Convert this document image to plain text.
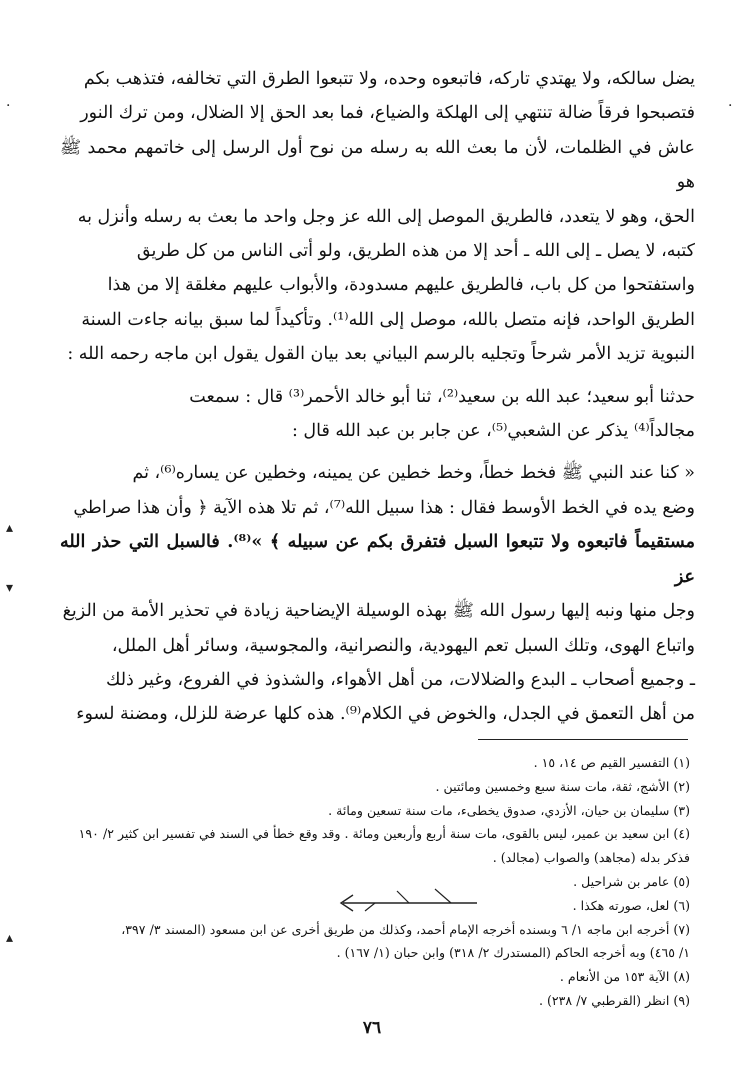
يضل سالكه، ولا يهتدي تاركه، فاتبعوه وحده، ولا تتبعوا الطرق التي تخالفه، فتذهب بكم

فتصبحوا فرقاً ضالة تنتهي إلى الهلكة والضياع، فما بعد الحق إلا الضلال، ومن ترك النور

عاش في الظلمات، لأن ما بعث الله به رسله من نوح أول الرسل إلى خاتمهم محمد ﷺ هو

الحق، وهو لا يتعدد، فالطريق الموصل إلى الله عز وجل واحد ما بعث به رسله وأنزل به

كتبه، لا يصل ـ إلى الله ـ أحد إلا من هذه الطريق، ولو أتى الناس من كل طريق

واستفتحوا من كل باب، فالطريق عليهم مسدودة، والأبواب عليهم مغلقة إلا من هذا

الطريق الواحد، فإنه متصل بالله، موصل إلى الله⁽¹⁾. وتأكيداً لما سبق بيانه جاءت السنة

النبوية تزيد الأمر شرحاً وتجليه بالرسم البياني بعد بيان القول يقول ابن ماجه رحمه الله :

حدثنا أبو سعيد؛ عبد الله بن سعيد⁽²⁾، ثنا أبو خالد الأحمر⁽³⁾ قال : سمعت

مجالداً⁽⁴⁾ يذكر عن الشعبي⁽⁵⁾، عن جابر بن عبد الله قال :

« كنا عند النبي ﷺ فخط خطاً، وخط خطين عن يمينه، وخطين عن يساره⁽⁶⁾، ثم

وضع يده في الخط الأوسط فقال : هذا سبيل الله⁽⁷⁾، ثم تلا هذه الآية ﴿ وأن هذا صراطي

مستقيماً فاتبعوه ولا تتبعوا السبل فتفرق بكم عن سبيله ﴾ »⁽⁸⁾. فالسبل التي حذر الله عز

وجل منها ونبه إليها رسول الله ﷺ بهذه الوسيلة الإيضاحية زيادة في تحذير الأمة من الزيغ

واتباع الهوى، وتلك السبل تعم اليهودية، والنصرانية، والمجوسية، وسائر أهل الملل،

ـ وجميع أصحاب ـ البدع والضلالات، من أهل الأهواء، والشذوذ في الفروع، وغير ذلك

من أهل التعمق في الجدل، والخوض في الكلام⁽⁹⁾. هذه كلها عرضة للزلل، ومضنة لسوء

(١) التفسير القيم ص ١٤، ١٥ .

(٢) الأشج، ثقة، مات سنة سبع وخمسين ومائتين .

(٣) سليمان بن حيان، الأزدي، صدوق يخطىء، مات سنة تسعين ومائة .

(٤) ابن سعيد بن عمير، ليس بالقوى، مات سنة أربع وأربعين ومائة . وقد وقع خطأ في السند في تفسير ابن كثير ٢/ ١٩٠

فذكر بدله (مجاهد) والصواب (مجالد) .

(٥) عامر بن شراحيل .

(٦) لعل، صورته هكذا .

(٧) أخرجه ابن ماجه ١/ ٦ وبسنده أخرجه الإمام أحمد، وكذلك من طريق أخرى عن ابن مسعود (المسند ٣/ ٣٩٧،

١/ ٤٦٥) وبه أخرجه الحاكم (المستدرك ٢/ ٣١٨) وابن حبان (١/ ١٦٧) .

(٨) الآية ١٥٣ من الأنعام .

(٩) انظر (القرطبي ٧/ ٢٣٨) .

٧٦
·	·
▴
▾
▴
